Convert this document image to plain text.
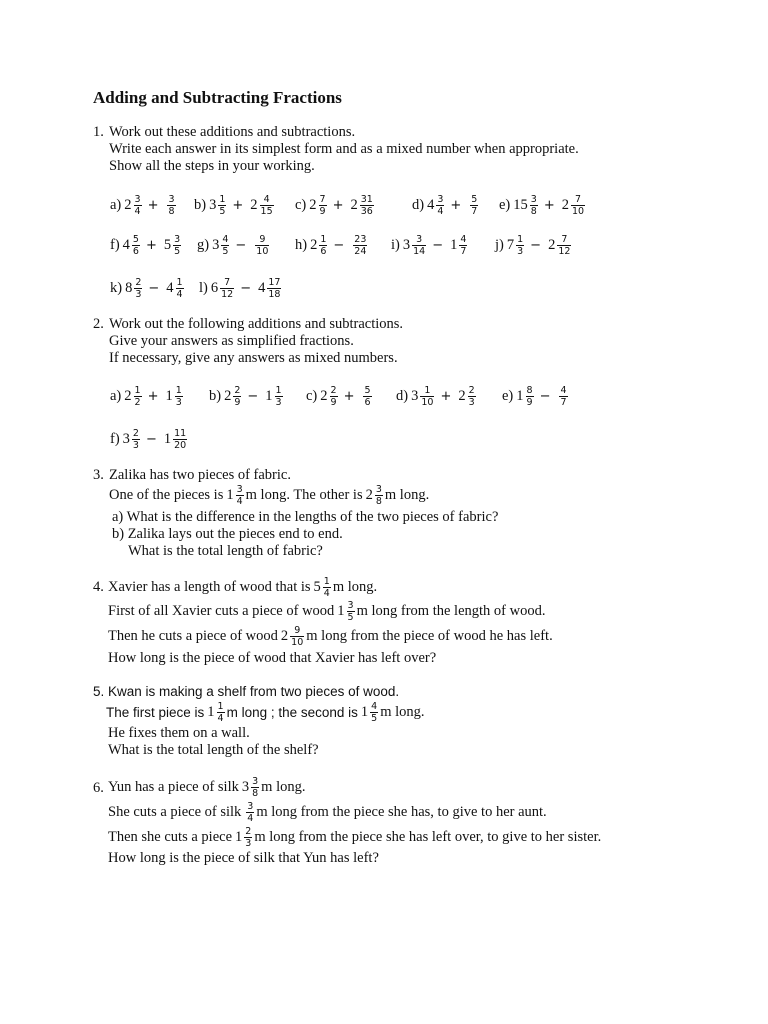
Adding and Subtracting Fractions
1. Work out these additions and subtractions.
Write each answer in its simplest form and as a mixed number when appropriate.
Show all the steps in your working.
a) $2 \frac{3}{4} + \frac{3}{8} b$) $3 \frac{1}{5} + 2 \frac{4}{15} c$) $2 \frac{7}{9} + 2 \frac{31}{36}$	d) $4 \frac{3}{4} + \frac{5}{7} e$) $15 \frac{3}{8} + 2 \frac{7}{10}$
f) $4 \frac{5}{6} + 5 \frac{3}{5} g$) $3 \frac{4}{5} - \frac{9}{10} h$) $2 \frac{1}{6} - \frac{23}{24} i$) $3 \frac{3}{14} - 1 \frac{4}{7} j$) $7 \frac{1}{3} - 2 \frac{7}{12}$
k) $8 \frac{2}{3} - 4 \frac{1}{4} l$) $6 \frac{7}{12} - 4 \frac{17}{18}$
2. Work out the following additions and subtractions.
Give your answers as simplified fractions.
If necessary, give any answers as mixed numbers.
a) $2 \frac{1}{2} + 1 \frac{1}{3} b$) $2 \frac{2}{9} - 1 \frac{1}{3} c$) $2 \frac{2}{9} + \frac{5}{6} d$) $3 \frac{1}{10} + 2 \frac{2}{3} e$) $1 \frac{8}{9} - \frac{4}{7}$
f) $3 \frac{2}{3} - 1 \frac{11}{20}$
3. Zalika has two pieces of fabric.
One of the pieces is $1 \frac{3}{4}$ m long. The other is $2 \frac{3}{8}$ m long.
a) What is the difference in the lengths of the two pieces of fabric?
b) Zalika lays out the pieces end to end.
What is the total length of fabric?
4. Xavier has a length of wood that is $5 \frac{1}{4}$ m long.
First of all Xavier cuts a piece of wood $1 \frac{3}{5}$ m long from the length of wood.
Then he cuts a piece of wood $2 \frac{9}{10}$ m long from the piece of wood he has left.
How long is the piece of wood that Xavier has left over?
5. Kwan is making a shelf from two pieces of wood.
The first piece is $1 \frac{1}{4}$ m long ; the second is $1 \frac{4}{5}$ m long.
He fixes them on a wall.
What is the total length of the shelf?
6. Yun has a piece of silk $3 \frac{3}{8}$ m long.
She cuts a piece of silk $\frac{3}{4}$ m long from the piece she has, to give to her aunt.
Then she cuts a piece $1 \frac{2}{3}$ m long from the piece she has left over, to give to her sister.
How long is the piece of silk that Yun has left?
